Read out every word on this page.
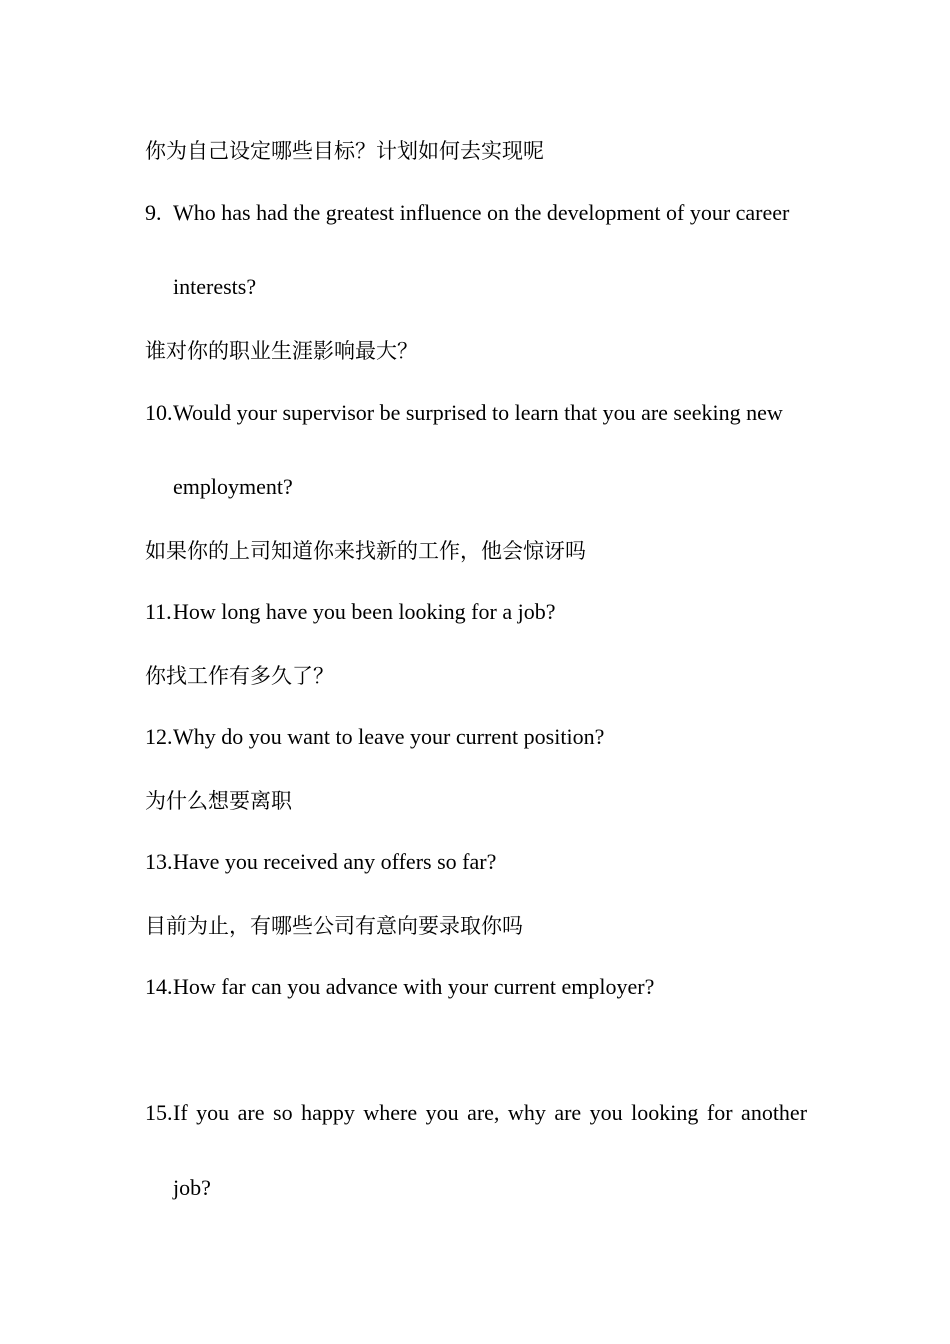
你为自己设定哪些目标？计划如何去实现呢
9. Who has had the greatest influence on the development of your career
interests?
谁对你的职业生涯影响最大？
10.Would your supervisor be surprised to learn that you are seeking new
employment?
如果你的上司知道你来找新的工作，他会惊讶吗
11.How long have you been looking for a job?
你找工作有多久了？
12.Why do you want to leave your current position?
为什么想要离职
13.Have you received any offers so far?
目前为止，有哪些公司有意向要录取你吗
14.How far can you advance with your current employer?
15.If you are so happy where you are, why are you looking for another
job?
